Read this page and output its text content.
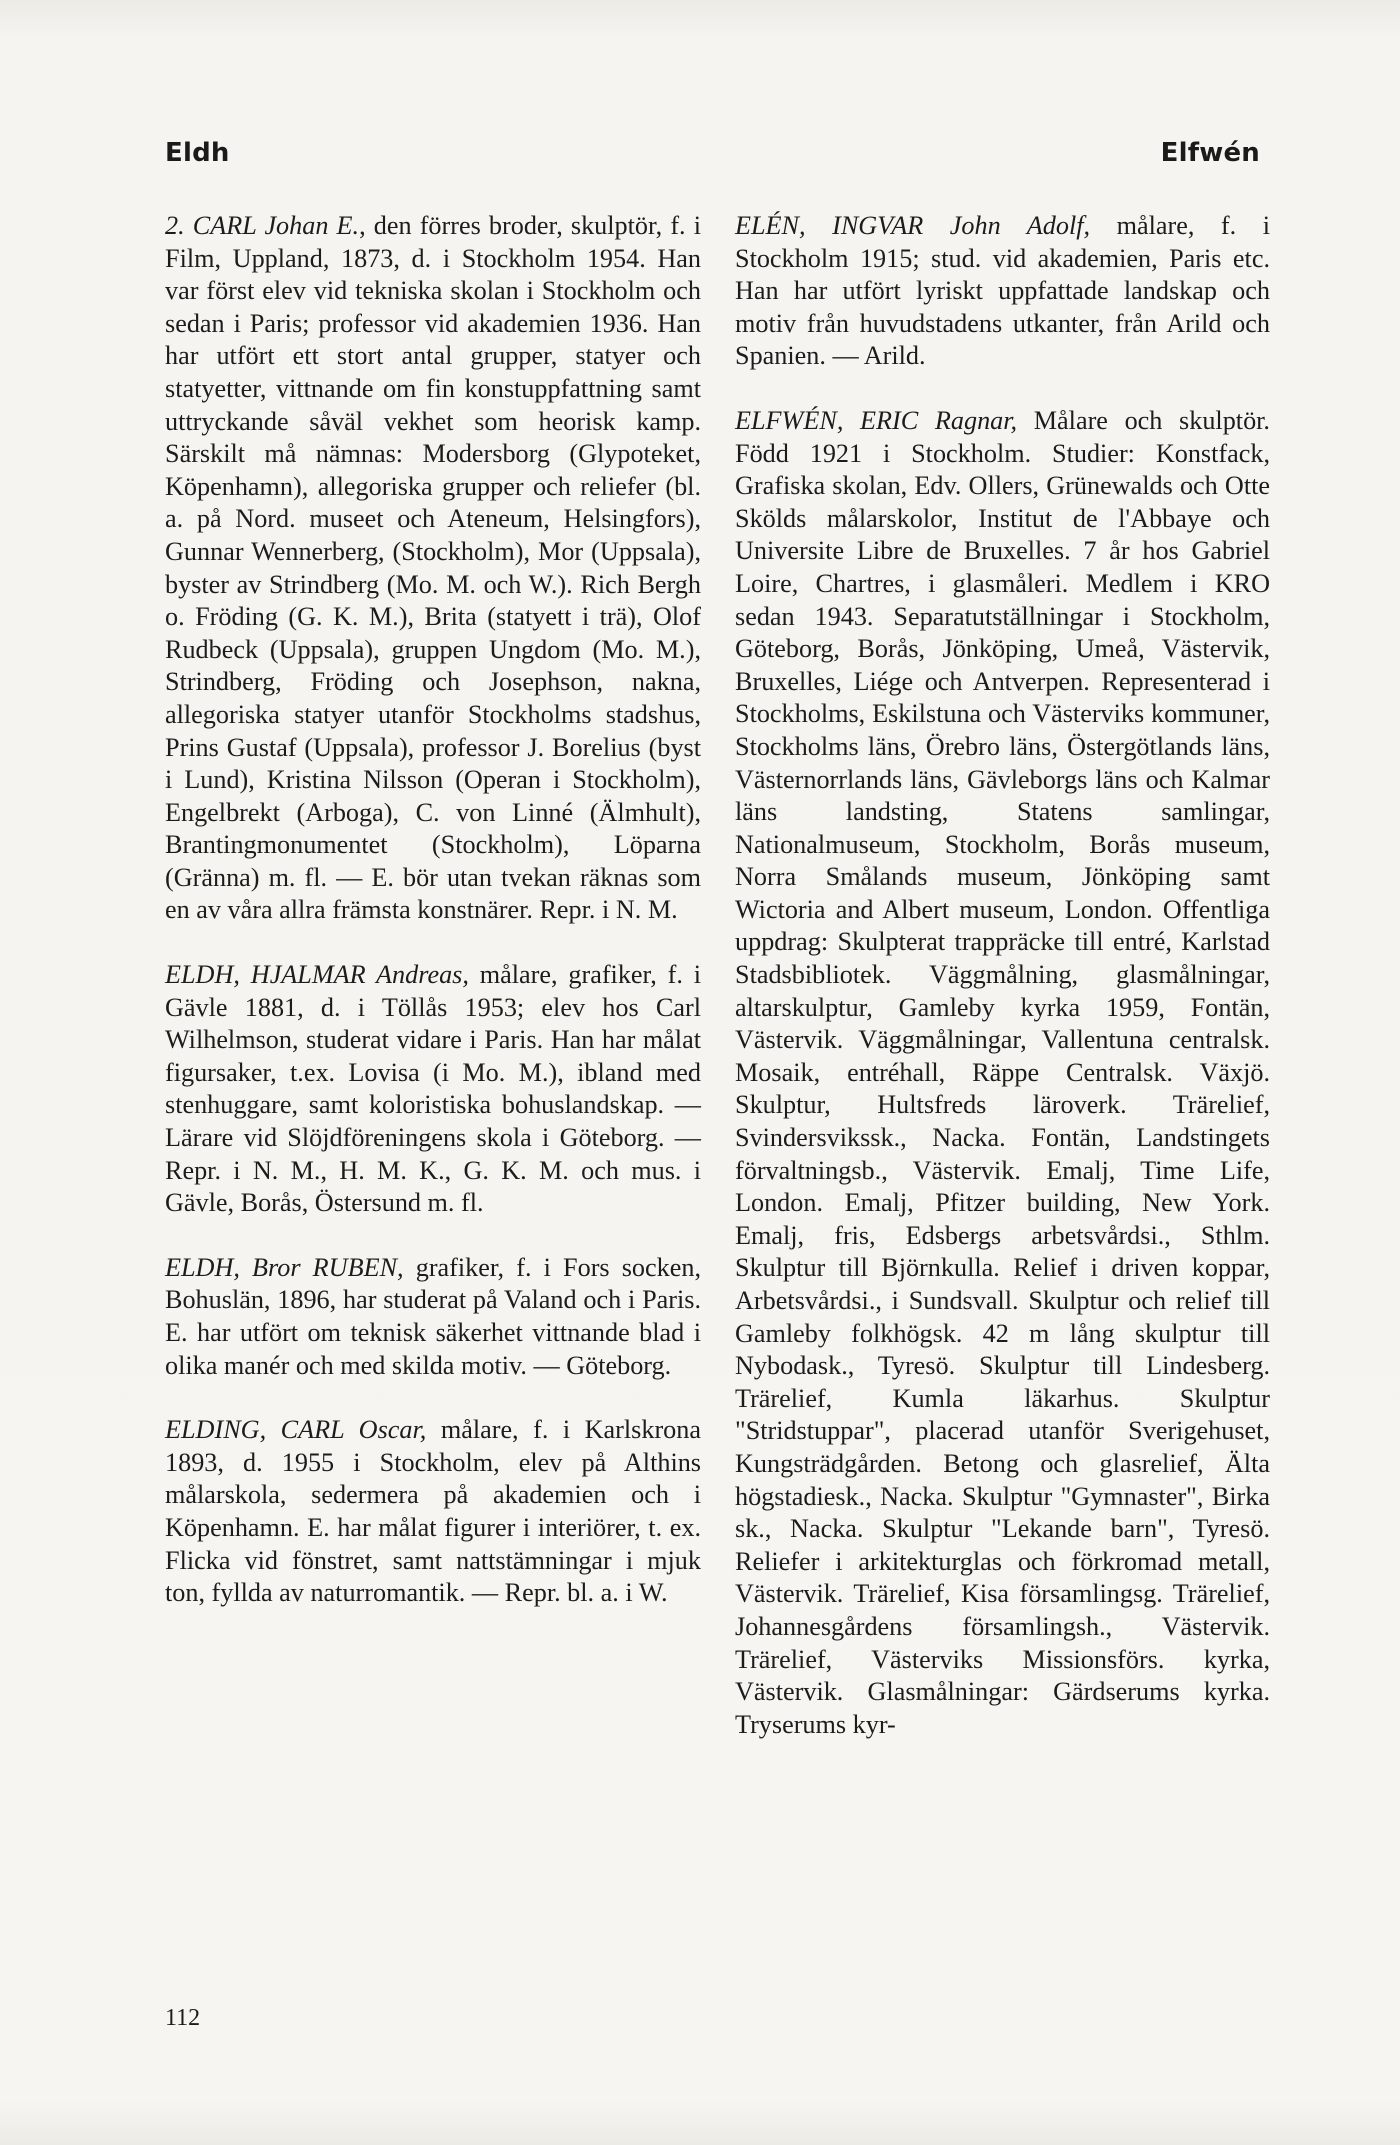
Eldh	Elfwén

2. CARL Johan E., den förres broder, skulptör, f. i Film, Uppland, 1873, d. i Stockholm 1954. Han var först elev vid tekniska skolan i Stockholm och sedan i Paris; professor vid akademien 1936. Han har utfört ett stort antal grupper, statyer och statyetter, vittnande om fin konstuppfattning samt uttryckande såväl vekhet som heorisk kamp. Särskilt må nämnas: Modersborg (Glypoteket, Köpenhamn), allegoriska grupper och reliefer (bl. a. på Nord. museet och Ateneum, Helsingfors), Gunnar Wennerberg, (Stockholm), Mor (Uppsala), byster av Strindberg (Mo. M. och W.). Rich Bergh o. Fröding (G. K. M.), Brita (statyett i trä), Olof Rudbeck (Uppsala), gruppen Ungdom (Mo. M.), Strindberg, Fröding och Josephson, nakna, allegoriska statyer utanför Stockholms stadshus, Prins Gustaf (Uppsala), professor J. Borelius (byst i Lund), Kristina Nilsson (Operan i Stockholm), Engelbrekt (Arboga), C. von Linné (Älmhult), Brantingmonumentet (Stockholm), Löparna (Gränna) m. fl. — E. bör utan tvekan räknas som en av våra allra främsta konstnärer. Repr. i N. M.

ELDH, HJALMAR Andreas, målare, grafiker, f. i Gävle 1881, d. i Töllås 1953; elev hos Carl Wilhelmson, studerat vidare i Paris. Han har målat figursaker, t.ex. Lovisa (i Mo. M.), ibland med stenhuggare, samt koloristiska bohuslandskap. — Lärare vid Slöjdföreningens skola i Göteborg. — Repr. i N. M., H. M. K., G. K. M. och mus. i Gävle, Borås, Östersund m. fl.

ELDH, Bror RUBEN, grafiker, f. i Fors socken, Bohuslän, 1896, har studerat på Valand och i Paris. E. har utfört om teknisk säkerhet vittnande blad i olika manér och med skilda motiv. — Göteborg.

ELDING, CARL Oscar, målare, f. i Karlskrona 1893, d. 1955 i Stockholm, elev på Althins målarskola, sedermera på akademien och i Köpenhamn. E. har målat figurer i interiörer, t. ex. Flicka vid fönstret, samt nattstämningar i mjuk ton, fyllda av naturromantik. — Repr. bl. a. i W.

ELÉN, INGVAR John Adolf, målare, f. i Stockholm 1915; stud. vid akademien, Paris etc. Han har utfört lyriskt uppfattade landskap och motiv från huvudstadens utkanter, från Arild och Spanien. — Arild.

ELFWÉN, ERIC Ragnar, Målare och skulptör. Född 1921 i Stockholm. Studier: Konstfack, Grafiska skolan, Edv. Ollers, Grünewalds och Otte Skölds målarskolor, Institut de l'Abbaye och Universite Libre de Bruxelles. 7 år hos Gabriel Loire, Chartres, i glasmåleri. Medlem i KRO sedan 1943. Separatutställningar i Stockholm, Göteborg, Borås, Jönköping, Umeå, Västervik, Bruxelles, Liége och Antverpen. Representerad i Stockholms, Eskilstuna och Västerviks kommuner, Stockholms läns, Örebro läns, Östergötlands läns, Västernorrlands läns, Gävleborgs läns och Kalmar läns landsting, Statens samlingar, Nationalmuseum, Stockholm, Borås museum, Norra Smålands museum, Jönköping samt Wictoria and Albert museum, London. Offentliga uppdrag: Skulpterat trappräcke till entré, Karlstad Stadsbibliotek. Väggmålning, glasmålningar, altarskulptur, Gamleby kyrka 1959, Fontän, Västervik. Väggmålningar, Vallentuna centralsk. Mosaik, entréhall, Räppe Centralsk. Växjö. Skulptur, Hultsfreds läroverk. Trärelief, Svindersvikssk., Nacka. Fontän, Landstingets förvaltningsb., Västervik. Emalj, Time Life, London. Emalj, Pfitzer building, New York. Emalj, fris, Edsbergs arbetsvårdsi., Sthlm. Skulptur till Björnkulla. Relief i driven koppar, Arbetsvårdsi., i Sundsvall. Skulptur och relief till Gamleby folkhögsk. 42 m lång skulptur till Nybodask., Tyresö. Skulptur till Lindesberg. Trärelief, Kumla läkarhus. Skulptur "Stridstuppar", placerad utanför Sverigehuset, Kungsträdgården. Betong och glasrelief, Älta högstadiesk., Nacka. Skulptur "Gymnaster", Birka sk., Nacka. Skulptur "Lekande barn", Tyresö. Reliefer i arkitekturglas och förkromad metall, Västervik. Trärelief, Kisa församlingsg. Trärelief, Johannesgårdens församlingsh., Västervik. Trärelief, Västerviks Missionsförs. kyrka, Västervik. Glasmålningar: Gärdserums kyrka. Tryserums kyr-

112
